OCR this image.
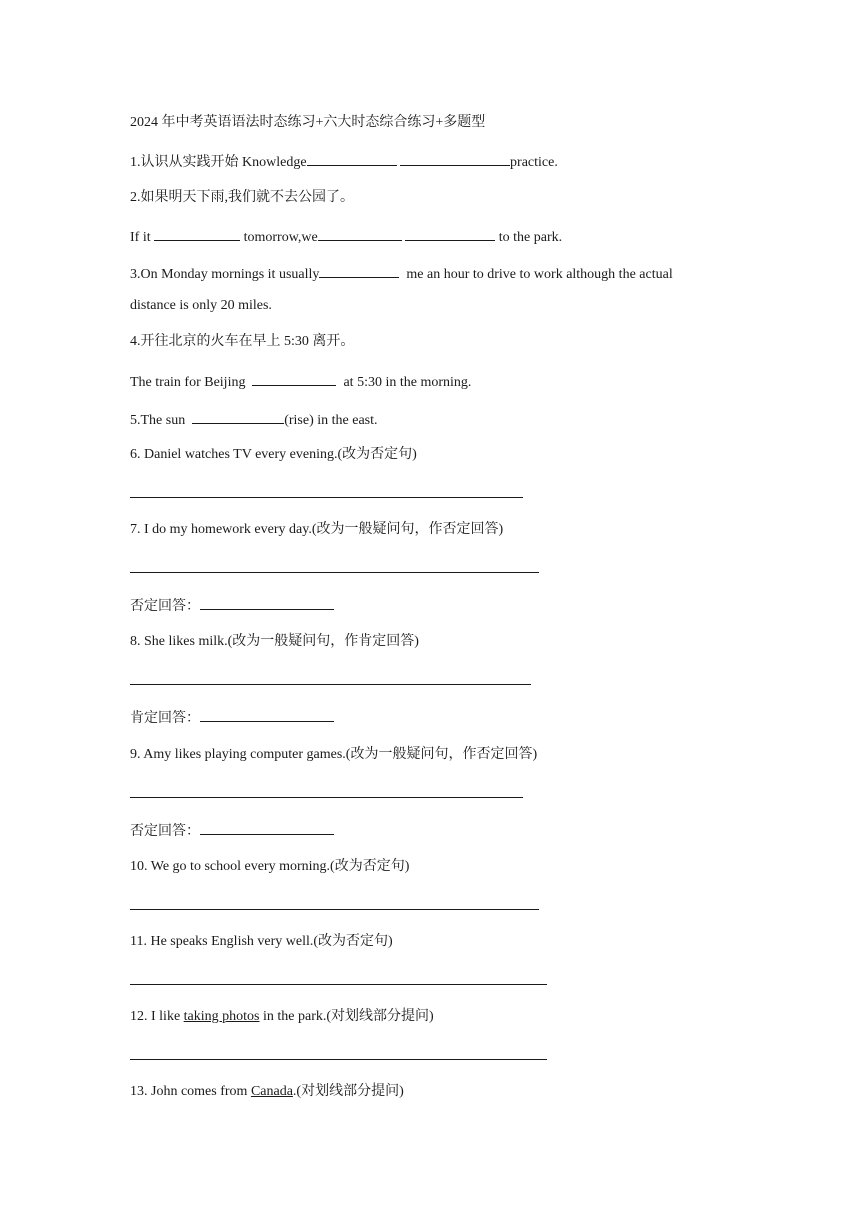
2024 年中考英语语法时态练习+六大时态综合练习+多题型
1.认识从实践开始 Knowledge	practice.
2.如果明天下雨,我们就不去公园了。
If it	tomorrow,we	to the park.
3.On Monday mornings it usually	me an hour to drive to work although the actual
distance is only 20 miles.
4.开往北京的火车在早上 5:30 离开。
The train for Beijing	at 5:30 in the morning.
5.The sun	(rise) in the east.
6. Daniel watches TV every evening.(改为否定句)
7. I do my homework every day.(改为一般疑问句，作否定回答)
否定回答：
8. She likes milk.(改为一般疑问句，作肯定回答)
肯定回答：
9. Amy likes playing computer games.(改为一般疑问句，作否定回答)
否定回答：
10. We go to school every morning.(改为否定句)
11. He speaks English very well.(改为否定句)
12. I like taking photos in the park.(对划线部分提问)
13. John comes from Canada.(对划线部分提问)
